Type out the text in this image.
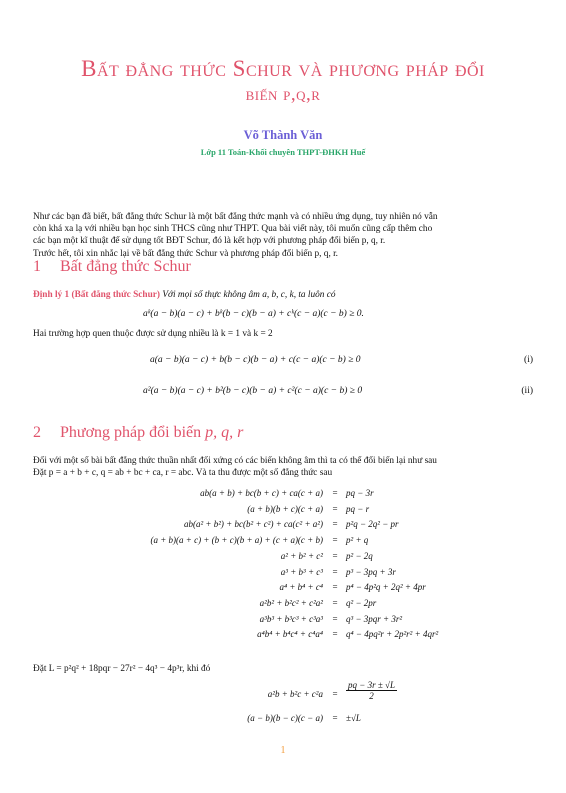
Bất đẳng thức Schur và phương pháp đổi
biến p,q,r
Võ Thành Văn
Lớp 11 Toán-Khối chuyên THPT-ĐHKH Huế
Như các bạn đã biết, bất đẳng thức Schur là một bất đẳng thức mạnh và có nhiều ứng dụng, tuy nhiên nó vẫn
còn khá xa lạ với nhiều bạn học sinh THCS cũng như THPT. Qua bài viết này, tôi muốn cũng cấp thêm cho
các bạn một kĩ thuật để sử dụng tốt BĐT Schur, đó là kết hợp với phương pháp đổi biến p, q, r.
Trước hết, tôi xin nhắc lại về bất đẳng thức Schur và phương pháp đổi biến p, q, r.
1 Bất đẳng thức Schur
Định lý 1 (Bất đẳng thức Schur) Với mọi số thực không âm a, b, c, k, ta luôn có
aᵏ(a − b)(a − c) + bᵏ(b − c)(b − a) + cᵏ(c − a)(c − b) ≥ 0.
Hai trường hợp quen thuộc được sử dụng nhiều là k = 1 và k = 2
a(a − b)(a − c) + b(b − c)(b − a) + c(c − a)(c − b) ≥ 0	(i)
a²(a − b)(a − c) + b²(b − c)(b − a) + c²(c − a)(c − b) ≥ 0	(ii)
2 Phương pháp đổi biến p, q, r
Đối với một số bài bất đẳng thức thuần nhất đối xứng có các biến không âm thì ta có thể đổi biến lại như sau
Đặt p = a + b + c, q = ab + bc + ca, r = abc. Và ta thu được một số đẳng thức sau
ab(a + b) + bc(b + c) + ca(c + a)	= pq − 3r
(a + b)(b + c)(c + a)	= pq − r
ab(a² + b²) + bc(b² + c²) + ca(c² + a²)	= p²q − 2q² − pr
(a + b)(a + c) + (b + c)(b + a) + (c + a)(c + b)	= p² + q
a² + b² + c²	= p² − 2q
a³ + b³ + c³	= p³ − 3pq + 3r
a⁴ + b⁴ + c⁴	= p⁴ − 4p²q + 2q² + 4pr
a²b² + b²c² + c²a²	= q² − 2pr
a³b³ + b³c³ + c³a³	= q³ − 3pqr + 3r²
a⁴b⁴ + b⁴c⁴ + c⁴a⁴	= q⁴ − 4pq²r + 2p²r² + 4qr²
Đặt L = p²q² + 18pqr − 27r² − 4q³ − 4p³r, khi đó
a²b + b²c + c²a	= $\frac{pq - 3r \pm √L}{2}$
(a − b)(b − c)(c − a)	= ±√L
1
